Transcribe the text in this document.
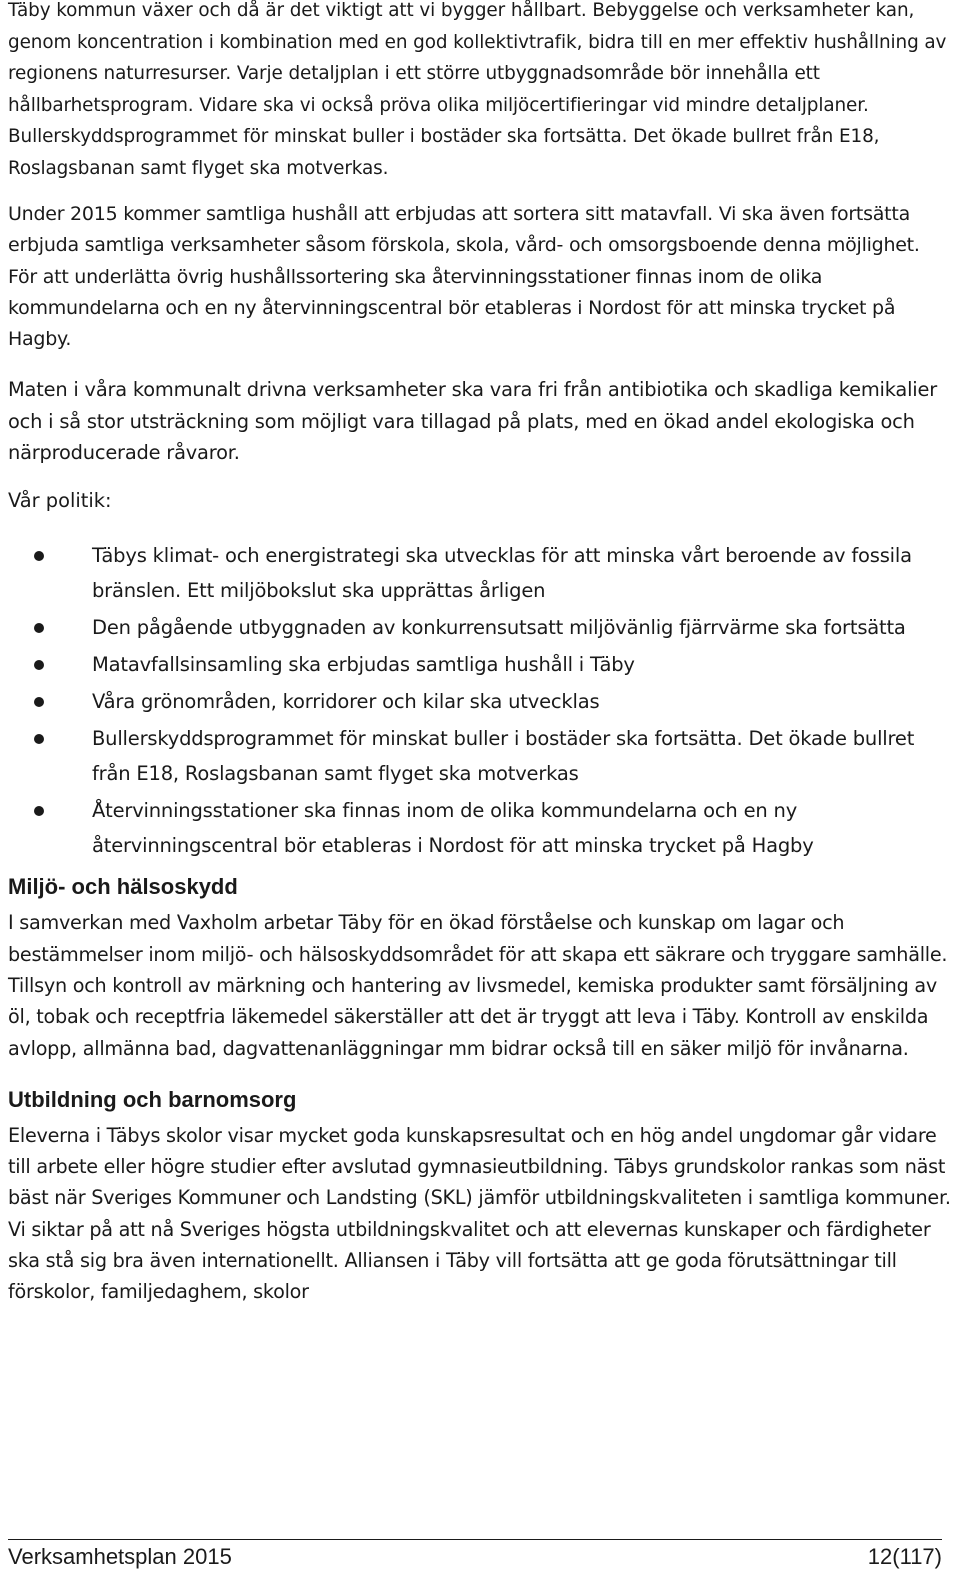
Täby kommun växer och då är det viktigt att vi bygger hållbart. Bebyggelse och verksamheter kan, genom koncentration i kombination med en god kollektivtrafik, bidra till en mer effektiv hushållning av regionens naturresurser. Varje detaljplan i ett större utbyggnadsområde bör innehålla ett hållbarhetsprogram. Vidare ska vi också pröva olika miljöcertifieringar vid mindre detaljplaner. Bullerskyddsprogrammet för minskat buller i bostäder ska fortsätta. Det ökade bullret från E18, Roslagsbanan samt flyget ska motverkas.

Under 2015 kommer samtliga hushåll att erbjudas att sortera sitt matavfall. Vi ska även fortsätta erbjuda samtliga verksamheter såsom förskola, skola, vård- och omsorgsboende denna möjlighet. För att underlätta övrig hushållssortering ska återvinningsstationer finnas inom de olika kommundelarna och en ny återvinningscentral bör etableras i Nordost för att minska trycket på Hagby.

Maten i våra kommunalt drivna verksamheter ska vara fri från antibiotika och skadliga kemikalier och i så stor utsträckning som möjligt vara tillagad på plats, med en ökad andel ekologiska och närproducerade råvaror.

Vår politik:

Täbys klimat- och energistrategi ska utvecklas för att minska vårt beroende av fossila bränslen. Ett miljöbokslut ska upprättas årligen
Den pågående utbyggnaden av konkurrensutsatt miljövänlig fjärrvärme ska fortsätta
Matavfallsinsamling ska erbjudas samtliga hushåll i Täby
Våra grönområden, korridorer och kilar ska utvecklas
Bullerskyddsprogrammet för minskat buller i bostäder ska fortsätta. Det ökade bullret från E18, Roslagsbanan samt flyget ska motverkas
Återvinningsstationer ska finnas inom de olika kommundelarna och en ny återvinningscentral bör etableras i Nordost för att minska trycket på Hagby
Miljö- och hälsoskydd

I samverkan med Vaxholm arbetar Täby för en ökad förståelse och kunskap om lagar och bestämmelser inom miljö- och hälsoskyddsområdet för att skapa ett säkrare och tryggare samhälle. Tillsyn och kontroll av märkning och hantering av livsmedel, kemiska produkter samt försäljning av öl, tobak och receptfria läkemedel säkerställer att det är tryggt att leva i Täby. Kontroll av enskilda avlopp, allmänna bad, dagvattenanläggningar mm bidrar också till en säker miljö för invånarna.

Utbildning och barnomsorg

Eleverna i Täbys skolor visar mycket goda kunskapsresultat och en hög andel ungdomar går vidare till arbete eller högre studier efter avslutad gymnasieutbildning. Täbys grundskolor rankas som näst bäst när Sveriges Kommuner och Landsting (SKL) jämför utbildningskvaliteten i samtliga kommuner. Vi siktar på att nå Sveriges högsta utbildningskvalitet och att elevernas kunskaper och färdigheter ska stå sig bra även internationellt. Alliansen i Täby vill fortsätta att ge goda förutsättningar till förskolor, familjedaghem, skolor

Verksamhetsplan 2015	12(117)
